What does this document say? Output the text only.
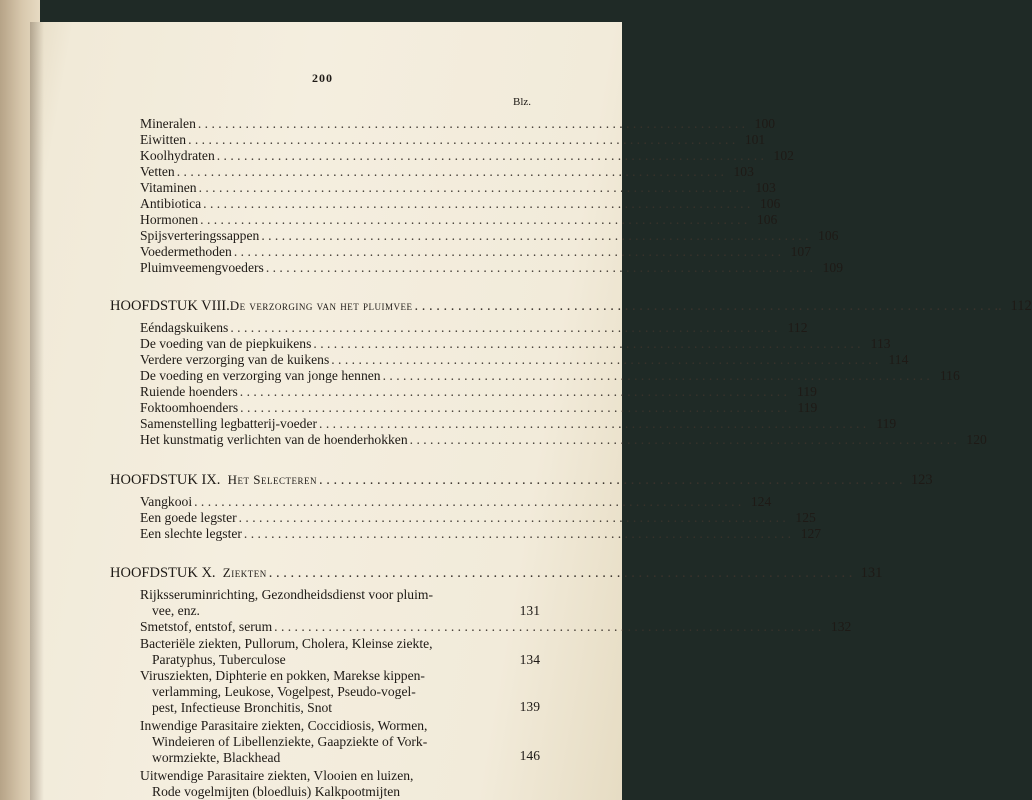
200
Blz.
Mineralen . . .	100
Eiwitten . . .	101
Koolhydraten . . .	102
Vetten . . .	103
Vitaminen . . .	103
Antibiotica . . .	106
Hormonen . . .	106
Spijsverteringssappen . . .	106
Voedermethoden . . .	107
Pluimveemengvoeders . . .	109
HOOFDSTUK VIII.De verzorging van het pluimvee	. . . . 112
Eéndagskuikens . . .	112
De voeding van de piepkuikens . . .	113
Verdere verzorging van de kuikens . . .	114
De voeding en verzorging van jonge hennen . . .	116
Ruiende hoenders . . .	119
Foktoomhoenders . . .	119
Samenstelling legbatterij-voeder . . .	119
Het kunstmatig verlichten van de hoenderhokken . . .	120
HOOFDSTUK IX. Het Selecteren . . .	123
Vangkooi . . .	124
Een goede legster . . .	125
Een slechte legster . . .	127
HOOFDSTUK X. Ziekten . . .	131
Rijksseruminrichting, Gezondheidsdienst voor pluim-
vee, enz.	131
Smetstof, entstof, serum . . .	132
Bacteriële ziekten, Pullorum, Cholera, Kleinse ziekte,
Paratyphus, Tuberculose	134
Virusziekten, Diphterie en pokken, Marekse kippen-
verlamming, Leukose, Vogelpest, Pseudo-vogel-
pest, Infectieuse Bronchitis, Snot	139
Inwendige Parasitaire ziekten, Coccidiosis, Wormen,
Windeieren of Libellenziekte, Gaapziekte of Vork-
wormziekte, Blackhead	146
Uitwendige Parasitaire ziekten, Vlooien en luizen,
Rode vogelmijten (bloedluis) Kalkpootmijten
